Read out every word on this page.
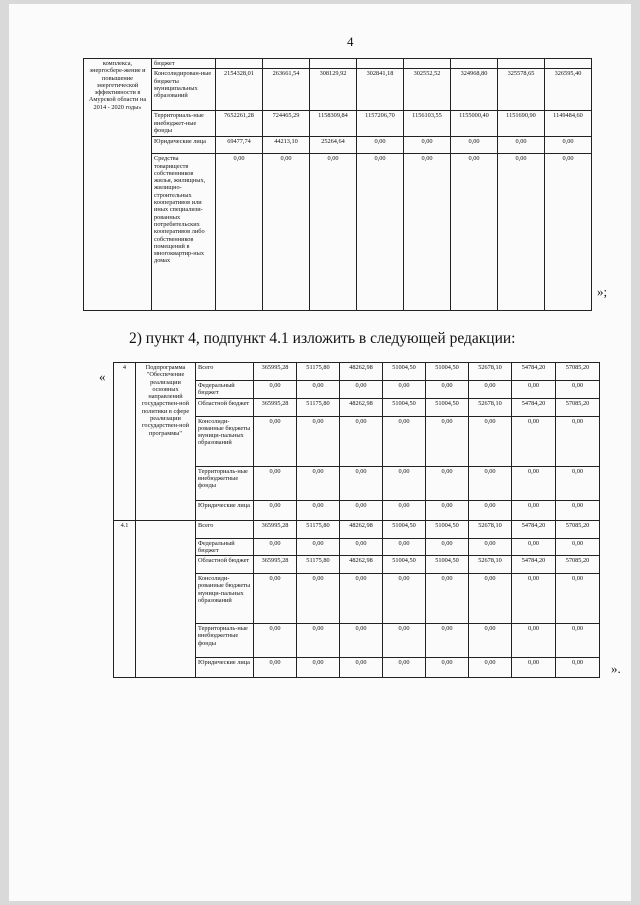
4
комплекса, энергосбере-жение и повышение энергетической эффективности в Амурской области на 2014 - 2020 годы»	бюджет								
	Консолидирован-ные бюджеты муниципальных образований	2154328,01	263661,54	308129,92	302841,18	302552,52	324968,80	325578,65	326595,40
	Территориаль-ные внебюджет-ные фонды	7652261,28	724465,29	1158309,84	1157206,70	1156103,55	1155000,40	1151690,90	1149484,60
	Юридические лица	69477,74	44213,10	25264,64	0,00	0,00	0,00	0,00	0,00
	Средства товариществ собственников жилья, жилищных, жилищно-строительных кооперативов или иных специализи-рованных потребительских кооперативов либо собственников помещений в многоквартир-ных домах	0,00	0,00	0,00	0,00	0,00	0,00	0,00	0,00
»;
2) пункт 4, подпункт 4.1 изложить в следующей редакции:
«
4	Подпрограмма "Обеспечение реализации основных направлений государствен-ной политики в сфере реализации государствен-ной программы"	Всего	365995,28	51175,80	48262,98	51004,50	51004,50	52678,10	54784,20	57085,20
		Федеральный бюджет	0,00	0,00	0,00	0,00	0,00	0,00	0,00	0,00
		Областной бюджет	365995,28	51175,80	48262,98	51004,50	51004,50	52678,10	54784,20	57085,20
		Консолиди-рованные бюджеты муници-пальных образований	0,00	0,00	0,00	0,00	0,00	0,00	0,00	0,00
		Территориаль-ные внебюджетные фонды	0,00	0,00	0,00	0,00	0,00	0,00	0,00	0,00
		Юридические лица	0,00	0,00	0,00	0,00	0,00	0,00	0,00	0,00
4.1		Всего	365995,28	51175,80	48262,98	51004,50	51004,50	52678,10	54784,20	57085,20
		Федеральный бюджет	0,00	0,00	0,00	0,00	0,00	0,00	0,00	0,00
		Областной бюджет	365995,28	51175,80	48262,98	51004,50	51004,50	52678,10	54784,20	57085,20
		Консолиди-рованные бюджеты муници-пальных образований	0,00	0,00	0,00	0,00	0,00	0,00	0,00	0,00
		Территориаль-ные внебюджетные фонды	0,00	0,00	0,00	0,00	0,00	0,00	0,00	0,00
		Юридические лица	0,00	0,00	0,00	0,00	0,00	0,00	0,00	0,00 ».
